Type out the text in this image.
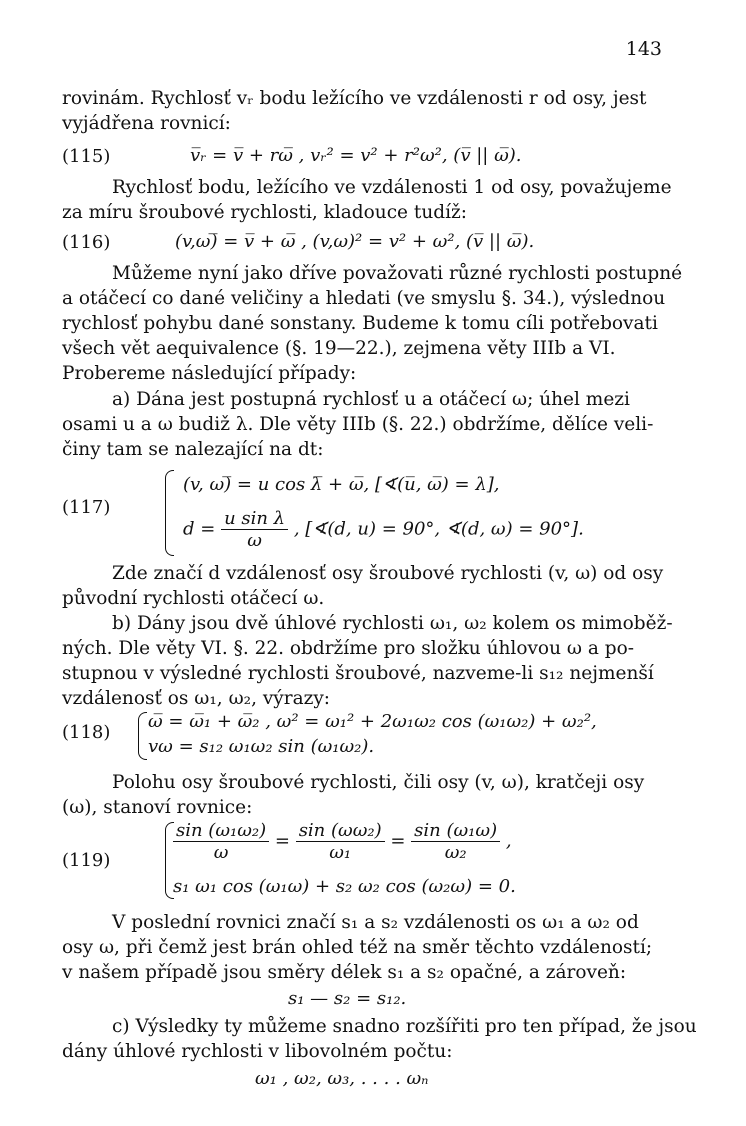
143
rovinám. Rychlosť vᵣ bodu ležícího ve vzdálenosti r od osy, jest
vyjádřena rovnicí:
(115)	v̅ᵣ = v̅ + rω̅ , vᵣ² = v² + r²ω², (v̅ || ω̅).
Rychlosť bodu, ležícího ve vzdálenosti 1 od osy, považujeme
za míru šroubové rychlosti, kladouce tudíž:
(116)	(v,ω)̅ = v̅ + ω̅ , (v,ω)² = v² + ω², (v̅ || ω̅).
Můžeme nyní jako dříve považovati různé rychlosti postupné
a otáčecí co dané veličiny a hledati (ve smyslu §. 34.), výslednou
rychlosť pohybu dané sonstany. Budeme k tomu cíli potřebovati
všech vět aequivalence (§. 19—22.), zejmena věty IIIb a VI.
Probereme následující případy:
a) Dána jest postupná rychlosť u a otáčecí ω; úhel mezi
osami u a ω budiž λ. Dle věty IIIb (§. 22.) obdržíme, dělíce veli-
činy tam se nalezající na dt:
(117)
(v, ω)̅ = u cos λ̅ + ω̅, [∢(u̅, ω̅) = λ],
$d = \frac{\text{u sin λ}}{\omega}$ , [∢(d, u) = 90°, ∢(d, ω) = 90°].
Zde značí d vzdálenosť osy šroubové rychlosti (v, ω) od osy
původní rychlosti otáčecí ω.
b) Dány jsou dvě úhlové rychlosti ω₁, ω₂ kolem os mimoběž-
ných. Dle věty VI. §. 22. obdržíme pro složku úhlovou ω a po-
stupnou v výsledné rychlosti šroubové, nazveme-li s₁₂ nejmenší
vzdálenosť os ω₁, ω₂, výrazy:
(118)
ω̅ = ω̅₁ + ω̅₂ , ω² = ω₁² + 2ω₁ω₂ cos (ω₁ω₂) + ω₂²,
vω = s₁₂ ω₁ω₂ sin (ω₁ω₂).
Polohu osy šroubové rychlosti, čili osy (v, ω), kratčeji osy
(ω), stanoví rovnice:
(119)	$\frac{\text{sin (ω₁ω₂)}}{\omega} = \frac{\text{sin (ωω₂)}}{\text{ω₁}} = \frac{\text{sin (ω₁ω)}}{\text{ω₂}}$ ,
s₁ ω₁ cos (ω₁ω) + s₂ ω₂ cos (ω₂ω) = 0.
V poslední rovnici značí s₁ a s₂ vzdálenosti os ω₁ a ω₂ od
osy ω, při čemž jest brán ohled též na směr těchto vzdáleností;
v našem případě jsou směry délek s₁ a s₂ opačné, a zároveň:
s₁ — s₂ = s₁₂.
c) Výsledky ty můžeme snadno rozšířiti pro ten případ, že jsou
dány úhlové rychlosti v libovolném počtu:
ω₁ , ω₂, ω₃, . . . . ωₙ
